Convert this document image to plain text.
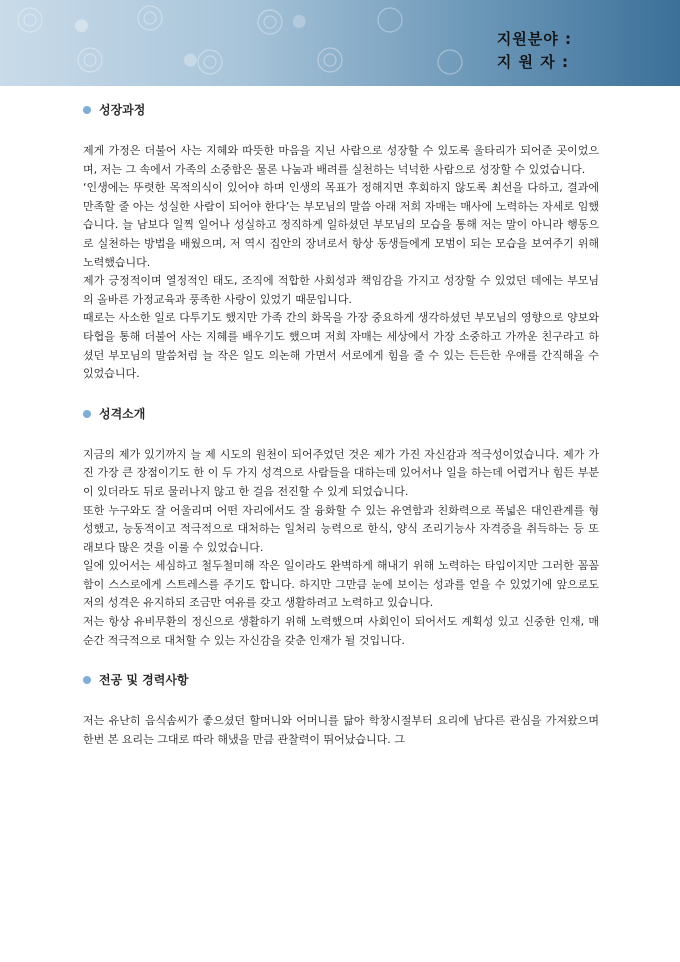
지원분야 :
지 원 자 :
성장과정

제게 가정은 더불어 사는 지혜와 따뜻한 마음을 지닌 사람으로 성장할 수 있도록 울타리가 되어준 곳이었으며, 저는 그 속에서 가족의 소중함은 물론 나눔과 배려를 실천하는 넉넉한 사람으로 성장할 수 있었습니다.

‘인생에는 뚜렷한 목적의식이 있어야 하며 인생의 목표가 정해지면 후회하지 않도록 최선을 다하고, 결과에 만족할 줄 아는 성실한 사람이 되어야 한다’는 부모님의 말씀 아래 저희 자매는 매사에 노력하는 자세로 임했습니다. 늘 남보다 일찍 일어나 성실하고 정직하게 일하셨던 부모님의 모습을 통해 저는 말이 아니라 행동으로 실천하는 방법을 배웠으며, 저 역시 집안의 장녀로서 항상 동생들에게 모범이 되는 모습을 보여주기 위해 노력했습니다.

제가 긍정적이며 열정적인 태도, 조직에 적합한 사회성과 책임감을 가지고 성장할 수 있었던 데에는 부모님의 올바른 가정교육과 풍족한 사랑이 있었기 때문입니다.

때로는 사소한 일로 다투기도 했지만 가족 간의 화목을 가장 중요하게 생각하셨던 부모님의 영향으로 양보와 타협을 통해 더불어 사는 지혜를 배우기도 했으며 저희 자매는 세상에서 가장 소중하고 가까운 친구라고 하셨던 부모님의 말씀처럼 늘 작은 일도 의논해 가면서 서로에게 힘을 줄 수 있는 든든한 우애를 간직해올 수 있었습니다.

성격소개

지금의 제가 있기까지 늘 제 시도의 원천이 되어주었던 것은 제가 가진 자신감과 적극성이었습니다. 제가 가진 가장 큰 장점이기도 한 이 두 가지 성격으로 사람들을 대하는데 있어서나 일을 하는데 어렵거나 힘든 부분이 있더라도 뒤로 물러나지 않고 한 걸음 전진할 수 있게 되었습니다.

또한 누구와도 잘 어울리며 어떤 자리에서도 잘 융화할 수 있는 유연함과 친화력으로 폭넓은 대인관계를 형성했고, 능동적이고 적극적으로 대처하는 일처리 능력으로 한식, 양식 조리기능사 자격증을 취득하는 등 또래보다 많은 것을 이룰 수 있었습니다.

일에 있어서는 세심하고 철두철미해 작은 일이라도 완벽하게 해내기 위해 노력하는 타입이지만 그러한 꼼꼼함이 스스로에게 스트레스를 주기도 합니다. 하지만 그만큼 눈에 보이는 성과를 얻을 수 있었기에 앞으로도 저의 성격은 유지하되 조금만 여유를 갖고 생활하려고 노력하고 있습니다.

저는 항상 유비무환의 정신으로 생활하기 위해 노력했으며 사회인이 되어서도 계획성 있고 신중한 인재, 매순간 적극적으로 대처할 수 있는 자신감을 갖춘 인재가 될 것입니다.

전공 및 경력사항

저는 유난히 음식솜씨가 좋으셨던 할머니와 어머니를 닮아 학창시절부터 요리에 남다른 관심을 가져왔으며 한번 본 요리는 그대로 따라 해냈을 만큼 관찰력이 뛰어났습니다. 그
